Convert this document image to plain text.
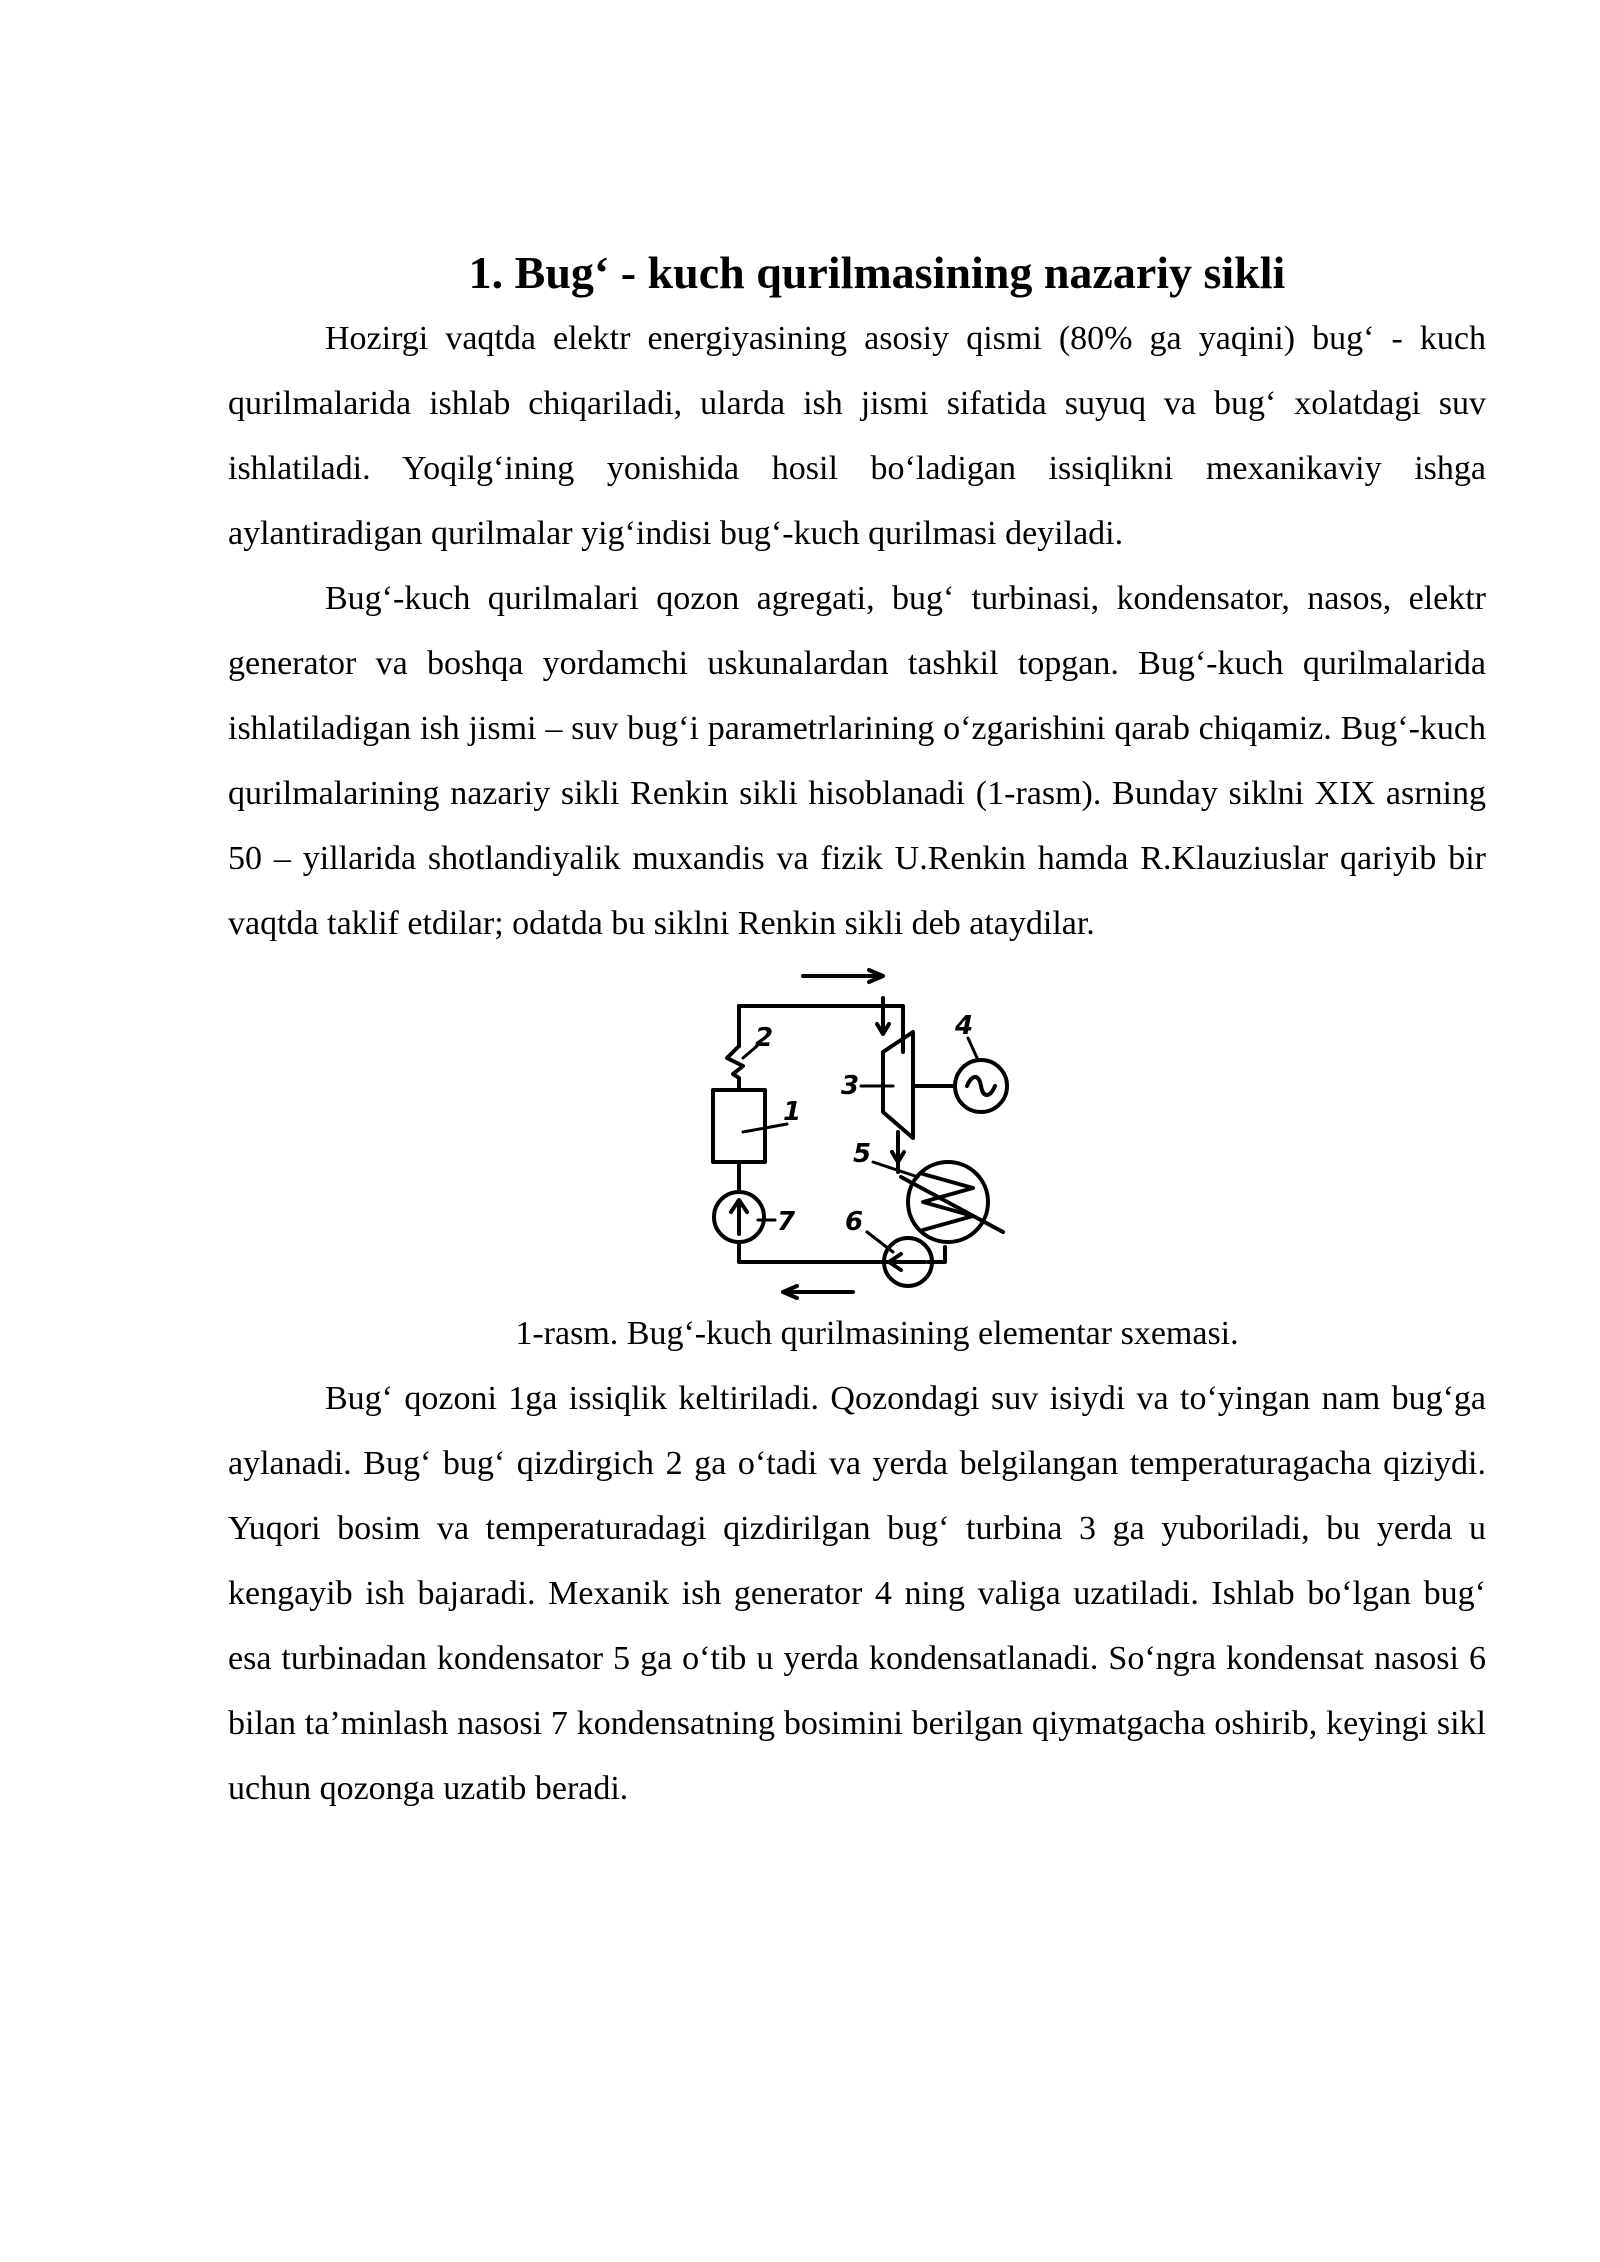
1. Bug‘ - kuch qurilmasining nazariy sikli

Hozirgi vaqtda elektr energiyasining asosiy qismi (80% ga yaqini) bug‘ - kuch qurilmalarida ishlab chiqariladi, ularda ish jismi sifatida suyuq va bug‘ xolatdagi suv ishlatiladi. Yoqilg‘ining yonishida hosil bo‘ladigan issiqlikni mexanikaviy ishga aylantiradigan qurilmalar yig‘indisi bug‘-kuch qurilmasi deyiladi.

Bug‘-kuch qurilmalari qozon agregati, bug‘ turbinasi, kondensator, nasos, elektr generator va boshqa yordamchi uskunalardan tashkil topgan. Bug‘-kuch qurilmalarida ishlatiladigan ish jismi – suv bug‘i parametrlarining o‘zgarishini qarab chiqamiz. Bug‘-kuch qurilmalarining nazariy sikli Renkin sikli hisoblanadi (1-rasm). Bunday siklni XIX asrning 50 – yillarida shotlandiyalik muxandis va fizik U.Renkin hamda R.Klauziuslar qariyib bir vaqtda taklif etdilar; odatda bu siklni Renkin sikli deb ataydilar.

1
2
3
4
5
6
7

1-rasm. Bug‘-kuch qurilmasining elementar sxemasi.

Bug‘ qozoni 1ga issiqlik keltiriladi. Qozondagi suv isiydi va to‘yingan nam bug‘ga aylanadi. Bug‘ bug‘ qizdirgich 2 ga o‘tadi va yerda belgilangan temperaturagacha qiziydi. Yuqori bosim va temperaturadagi qizdirilgan bug‘ turbina 3 ga yuboriladi, bu yerda u kengayib ish bajaradi. Mexanik ish generator 4 ning valiga uzatiladi. Ishlab bo‘lgan bug‘ esa turbinadan kondensator 5 ga o‘tib u yerda kondensatlanadi. So‘ngra kondensat nasosi 6 bilan ta’minlash nasosi 7 kondensatning bosimini berilgan qiymatgacha oshirib, keyingi sikl uchun qozonga uzatib beradi.
